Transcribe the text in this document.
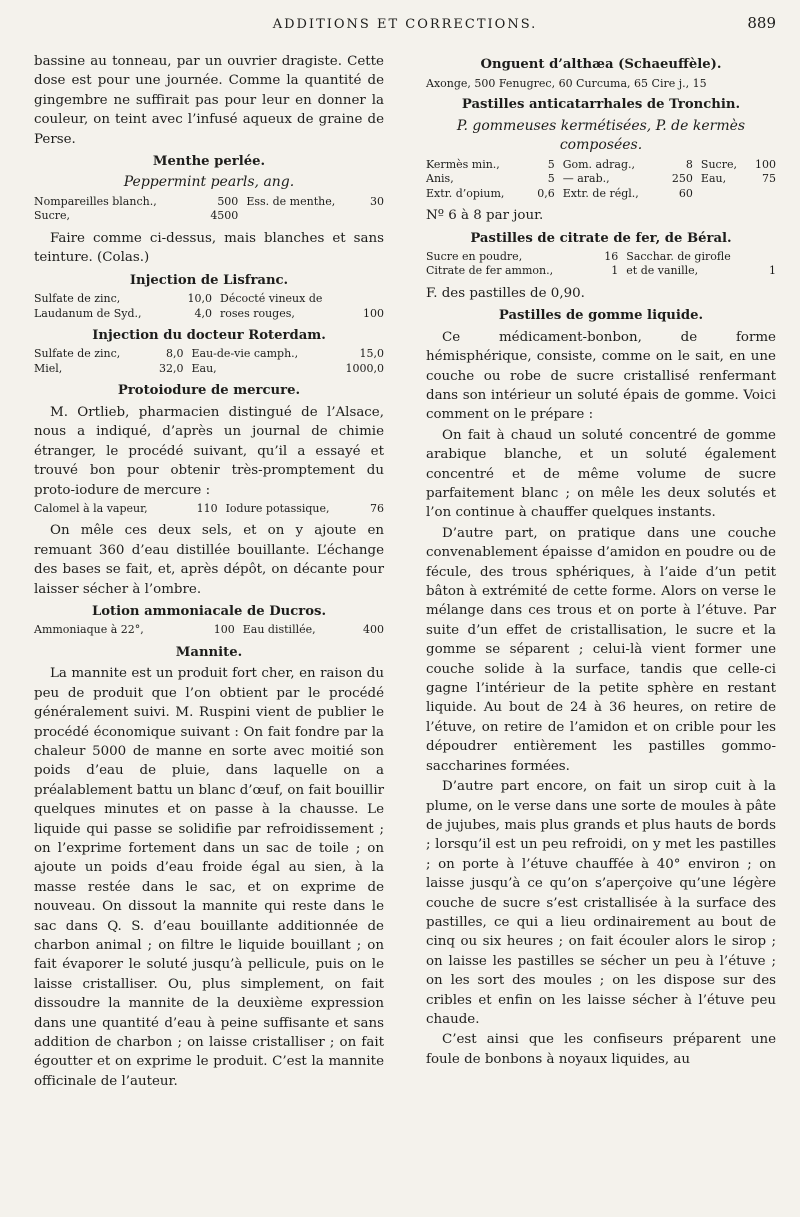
ADDITIONS ET CORRECTIONS.	889

bassine au tonneau, par un ouvrier dragiste. Cette dose est pour une journée. Comme la quantité de gingembre ne suffirait pas pour leur en donner la couleur, on teint avec l’infusé aqueux de graine de Perse.

Menthe perlée.
Peppermint pearls, ang.
Nompareilles blanch.,	500	Ess. de menthe,	30
Sucre,	4500		

Faire comme ci-dessus, mais blanches et sans teinture. (Colas.)

Injection de Lisfranc.
Sulfate de zinc,	10,0	Décocté vineux de	
Laudanum de Syd.,	4,0	roses rouges,	100
Injection du docteur Roterdam.
Sulfate de zinc,	8,0	Eau-de-vie camph.,	15,0
Miel,	32,0	Eau,	1000,0
Protoiodure de mercure.

M. Ortlieb, pharmacien distingué de l’Alsace, nous a indiqué, d’après un journal de chimie étranger, le procédé suivant, qu’il a essayé et trouvé bon pour obtenir très-promptement du proto-iodure de mercure :

Calomel à la vapeur,	110	Iodure potassique,	76

On mêle ces deux sels, et on y ajoute en remuant 360 d’eau distillée bouillante. L’échange des bases se fait, et, après dépôt, on décante pour laisser sécher à l’ombre.

Lotion ammoniacale de Ducros.
Ammoniaque à 22°,	100	Eau distillée,	400
Mannite.

La mannite est un produit fort cher, en raison du peu de produit que l’on obtient par le procédé généralement suivi. M. Ruspini vient de publier le procédé économique suivant : On fait fondre par la chaleur 5000 de manne en sorte avec moitié son poids d’eau de pluie, dans laquelle on a préalablement battu un blanc d’œuf, on fait bouillir quelques minutes et on passe à la chausse. Le liquide qui passe se solidifie par refroidissement ; on l’exprime fortement dans un sac de toile ; on ajoute un poids d’eau froide égal au sien, à la masse restée dans le sac, et on exprime de nouveau. On dissout la mannite qui reste dans le sac dans Q. S. d’eau bouillante additionnée de charbon animal ; on filtre le liquide bouillant ; on fait évaporer le soluté jusqu’à pellicule, puis on le laisse cristalliser. Ou, plus simplement, on fait dissoudre la mannite de la deuxième expression dans une quantité d’eau à peine suffisante et sans addition de charbon ; on laisse cristalliser ; on fait égoutter et on exprime le produit. C’est la mannite officinale de l’auteur.

Onguent d’althæa (Schaeuffèle).
Axonge, 500 Fenugrec, 60 Curcuma, 65 Cire j., 15
Pastilles anticatarrhales de Tronchin.
P. gommeuses kermétisées, P. de kermès composées.
Kermès min.,	5	Gom. adrag.,	8	Sucre,	100
Anis,	5	— arab.,	250	Eau,	75
Extr. d’opium,	0,6	Extr. de régl.,	60		
Nº 6 à 8 par jour.
Pastilles de citrate de fer, de Béral.
Sucre en poudre,	16	Sacchar. de girofle	
Citrate de fer ammon.,	1	et de vanille,	1
F. des pastilles de 0,90.
Pastilles de gomme liquide.

Ce médicament-bonbon, de forme hémisphérique, consiste, comme on le sait, en une couche ou robe de sucre cristallisé renfermant dans son intérieur un soluté épais de gomme. Voici comment on le prépare :

On fait à chaud un soluté concentré de gomme arabique blanche, et un soluté également concentré et de même volume de sucre parfaitement blanc ; on mêle les deux solutés et l’on continue à chauffer quelques instants.

D’autre part, on pratique dans une couche convenablement épaisse d’amidon en poudre ou de fécule, des trous sphériques, à l’aide d’un petit bâton à extrémité de cette forme. Alors on verse le mélange dans ces trous et on porte à l’étuve. Par suite d’un effet de cristallisation, le sucre et la gomme se séparent ; celui-là vient former une couche solide à la surface, tandis que celle-ci gagne l’intérieur de la petite sphère en restant liquide. Au bout de 24 à 36 heures, on retire de l’étuve, on retire de l’amidon et on crible pour les dépoudrer entièrement les pastilles gommo-saccharines formées.

D’autre part encore, on fait un sirop cuit à la plume, on le verse dans une sorte de moules à pâte de jujubes, mais plus grands et plus hauts de bords ; lorsqu’il est un peu refroidi, on y met les pastilles ; on porte à l’étuve chauffée à 40° environ ; on laisse jusqu’à ce qu’on s’aperçoive qu’une légère couche de sucre s’est cristallisée à la surface des pastilles, ce qui a lieu ordinairement au bout de cinq ou six heures ; on fait écouler alors le sirop ; on laisse les pastilles se sécher un peu à l’étuve ; on les sort des moules ; on les dispose sur des cribles et enfin on les laisse sécher à l’étuve peu chaude.

C’est ainsi que les confiseurs préparent une foule de bonbons à noyaux liquides, au
